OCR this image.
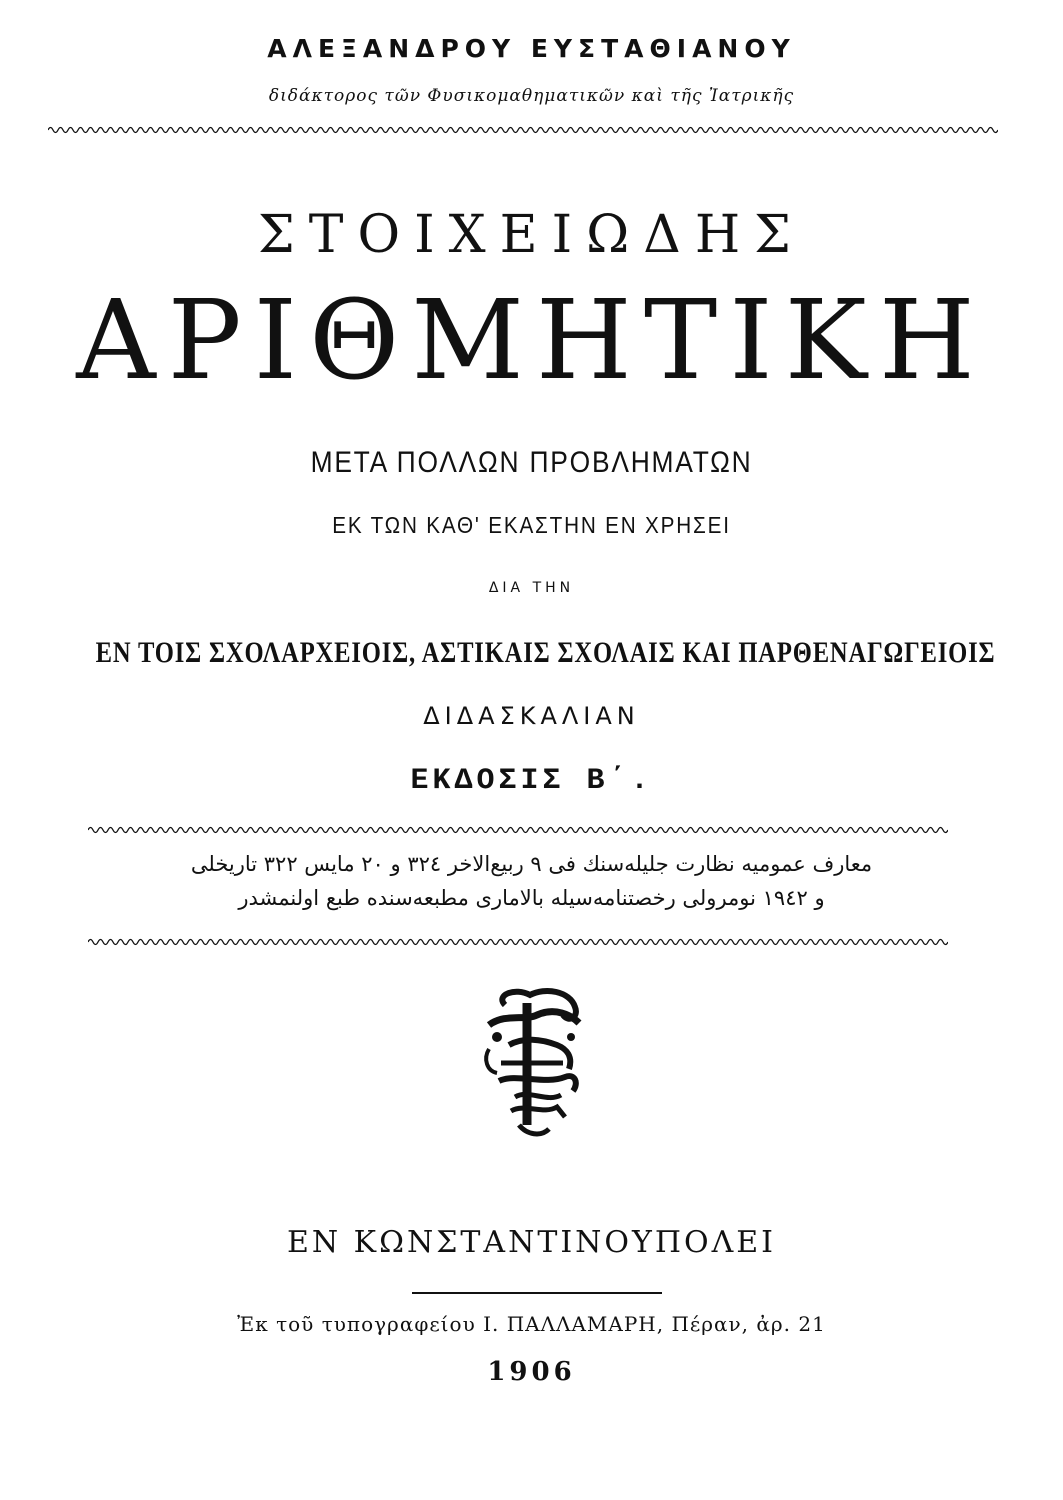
ΑΛΕΞΑΝΔΡΟΥ ΕΥΣΤΑΘΙΑΝΟΥ
διδάκτορος τῶν Φυσικομαθηματικῶν καὶ τῆς Ἰατρικῆς
ΣΤΟΙΧΕΙΩΔΗΣ
ΑΡΙΘΜΗΤΙΚΗ
ΜΕΤΑ ΠΟΛΛΩΝ ΠΡΟΒΛΗΜΑΤΩΝ
ΕΚ ΤΩΝ ΚΑΘ' ΕΚΑΣΤΗΝ ΕΝ ΧΡΗΣΕΙ
ΔΙΑ ΤΗΝ
ΕΝ ΤΟΙΣ ΣΧΟΛΑΡΧΕΙΟΙΣ, ΑΣΤΙΚΑΙΣ ΣΧΟΛΑΙΣ ΚΑΙ ΠΑΡΘΕΝΑΓΩΓΕΙΟΙΣ
ΔΙΔΑΣΚΑΛΙΑΝ
ΕΚΔΟΣΙΣ Β΄.
معارف عمومیه نظارت جلیله‌سنك فی ۹ ربیع‌الاخر ۳۲٤ و ۲۰ مایس ۳۲۲ تاریخلی
و ۱۹٤۲ نومرولی رخصتنامه‌سیله بالاماری مطبعه‌سنده طبع اولنمشدر
ΕΝ ΚΩΝΣΤΑΝΤΙΝΟΥΠΟΛΕΙ
Ἐκ τοῦ τυπογραφείου Ι. ΠΑΛΛΑΜΑΡΗ, Πέραν, ἀρ. 21
1906
